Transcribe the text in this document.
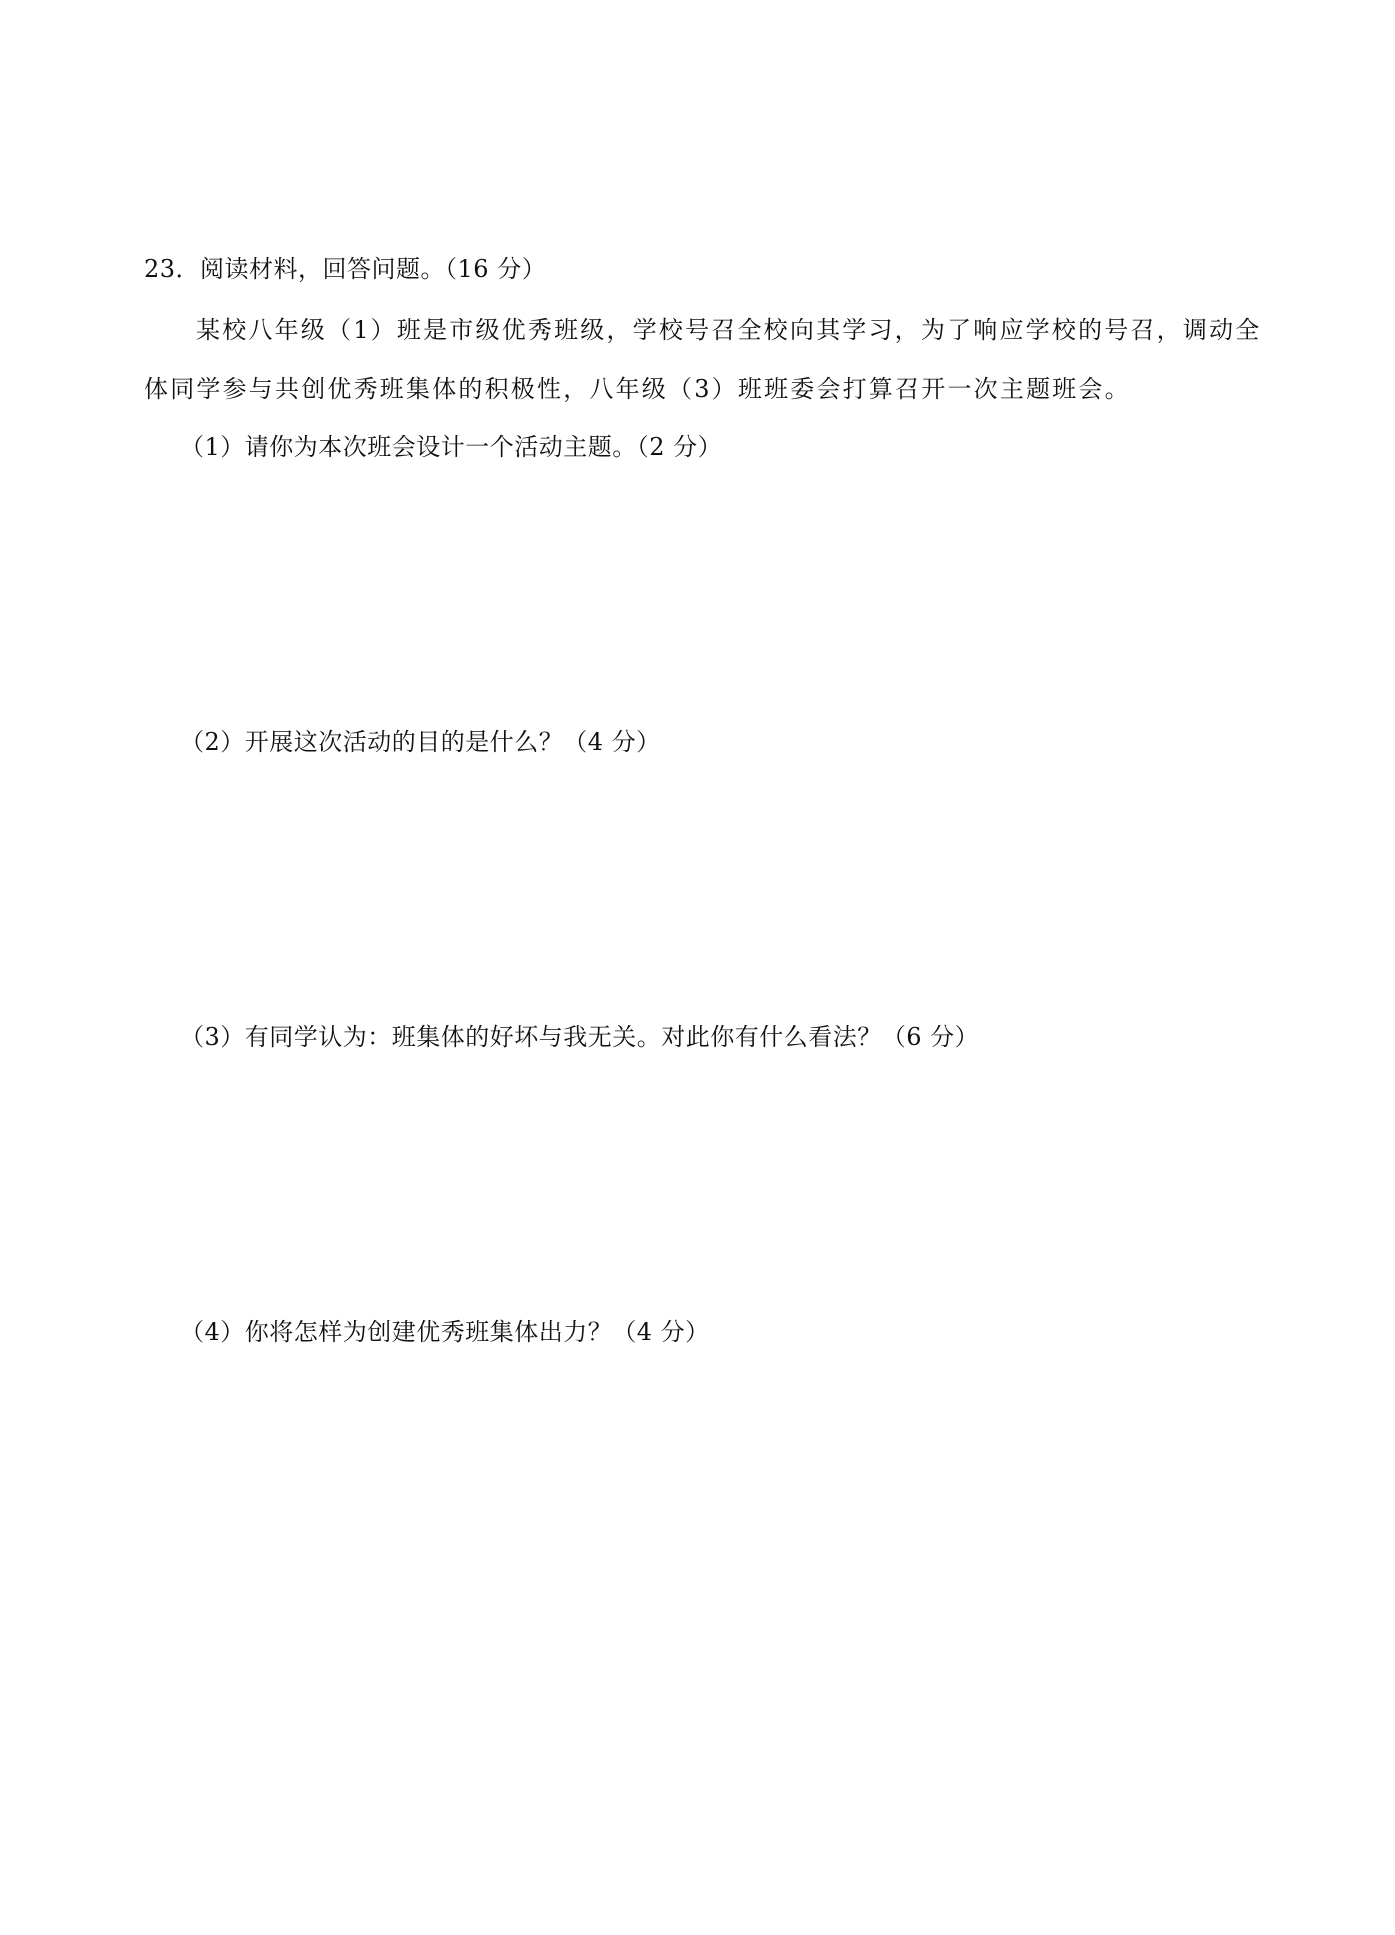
23．阅读材料，回答问题。（16 分）
某校八年级（1）班是市级优秀班级，学校号召全校向其学习，为了响应学校的号召，调动全
体同学参与共创优秀班集体的积极性，八年级（3）班班委会打算召开一次主题班会。
（1）请你为本次班会设计一个活动主题。（2 分）
（2）开展这次活动的目的是什么？（4 分）
（3）有同学认为：班集体的好坏与我无关。对此你有什么看法？（6 分）
（4）你将怎样为创建优秀班集体出力？（4 分）
